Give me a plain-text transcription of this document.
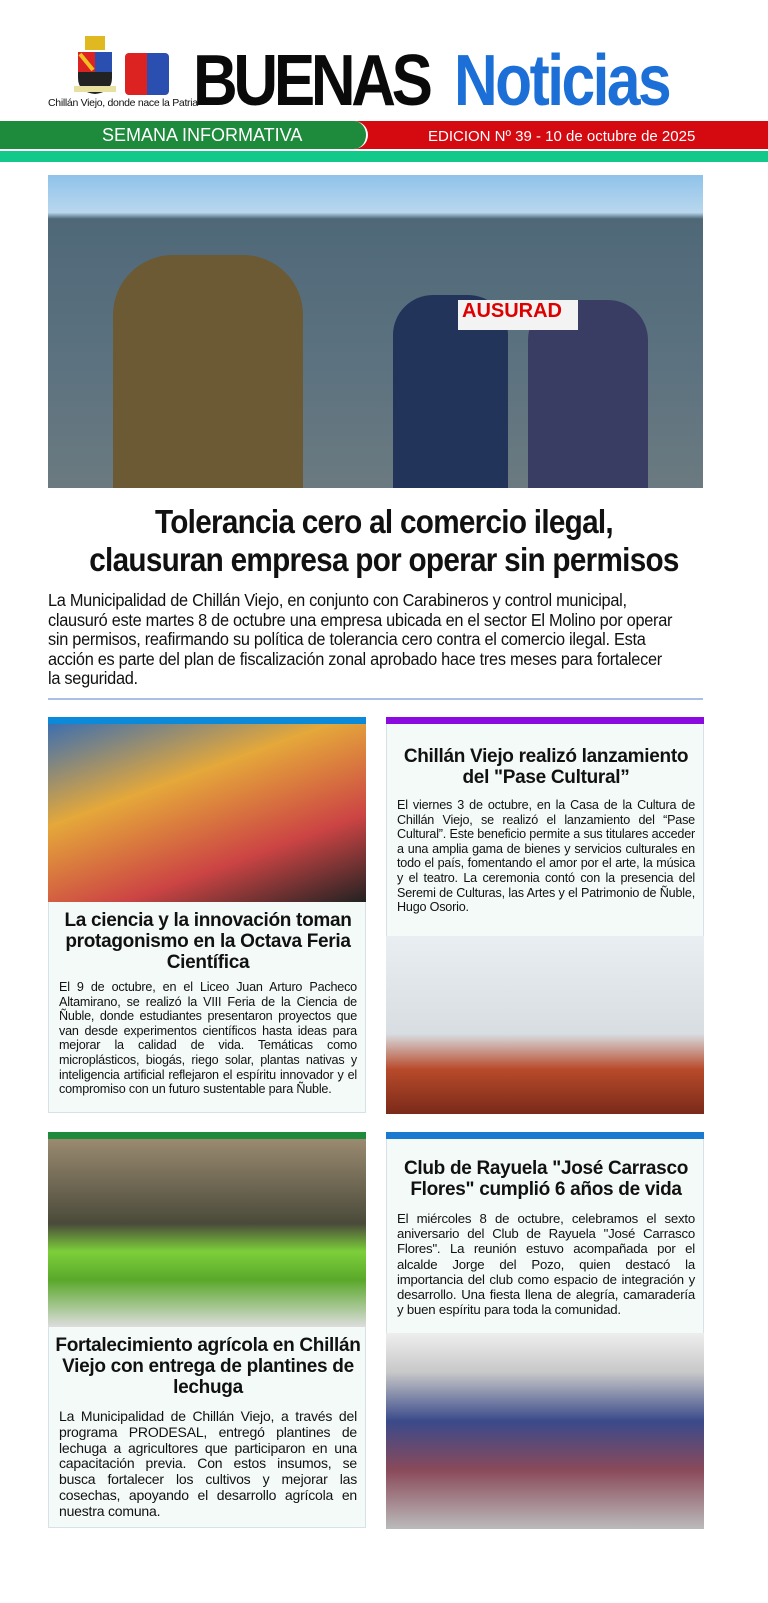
Chillán Viejo, donde nace la Patria
BUENAS Noticias
SEMANA INFORMATIVA	EDICION Nº 39 - 10 de octubre de 2025
AUSURAD
Tolerancia cero al comercio ilegal,
clausuran empresa por operar sin permisos
La Municipalidad de Chillán Viejo, en conjunto con Carabineros y control municipal, clausuró este martes 8 de octubre una empresa ubicada en el sector El Molino por operar sin permisos, reafirmando su política de tolerancia cero contra el comercio ilegal. Esta acción es parte del plan de fiscalización zonal aprobado hace tres meses para fortalecer la seguridad.
La ciencia y la innovación toman protagonismo en la Octava Feria Científica
El 9 de octubre, en el Liceo Juan Arturo Pacheco Altamirano, se realizó la VIII Feria de la Ciencia de Ñuble, donde estudiantes presentaron proyectos que van desde experimentos científicos hasta ideas para mejorar la calidad de vida. Temáticas como microplásticos, biogás, riego solar, plantas nativas y inteligencia artificial reflejaron el espíritu innovador y el compromiso con un futuro sustentable para Ñuble.
Chillán Viejo realizó lanzamiento del "Pase Cultural”
El viernes 3 de octubre, en la Casa de la Cultura de Chillán Viejo, se realizó el lanzamiento del “Pase Cultural”. Este beneficio permite a sus titulares acceder a una amplia gama de bienes y servicios culturales en todo el país, fomentando el amor por el arte, la música y el teatro. La ceremonia contó con la presencia del Seremi de Culturas, las Artes y el Patrimonio de Ñuble, Hugo Osorio.
Fortalecimiento agrícola en Chillán Viejo con entrega de plantines de lechuga
La Municipalidad de Chillán Viejo, a través del programa PRODESAL, entregó plantines de lechuga a agricultores que participaron en una capacitación previa. Con estos insumos, se busca fortalecer los cultivos y mejorar las cosechas, apoyando el desarrollo agrícola en nuestra comuna.
Club de Rayuela "José Carrasco Flores" cumplió 6 años de vida
El miércoles 8 de octubre, celebramos el sexto aniversario del Club de Rayuela "José Carrasco Flores". La reunión estuvo acompañada por el alcalde Jorge del Pozo, quien destacó la importancia del club como espacio de integración y desarrollo. Una fiesta llena de alegría, camaradería y buen espíritu para toda la comunidad.
